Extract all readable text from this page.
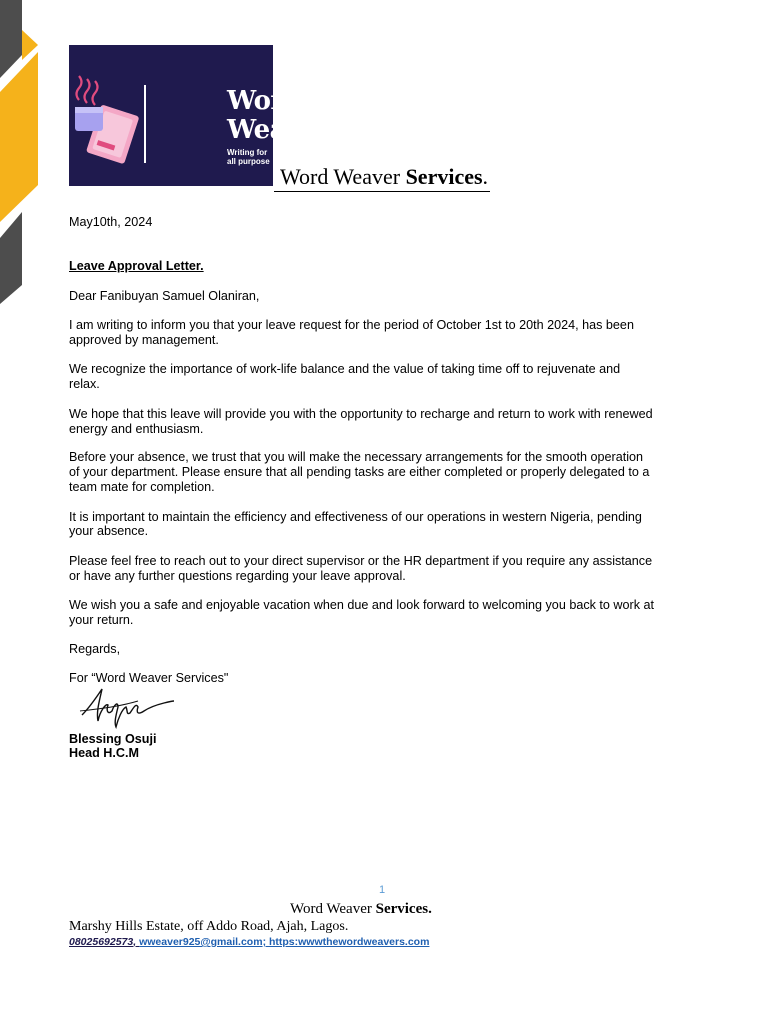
Word
Weaver
Writing for all purpose
Word Weaver Services.
May10th, 2024
Leave Approval Letter.
Dear Fanibuyan Samuel Olaniran,
I am writing to inform you that your leave request for the period of October 1st to 20th 2024, has been
approved by management.
We recognize the importance of work-life balance and the value of taking time off to rejuvenate and
relax.
We hope that this leave will provide you with the opportunity to recharge and return to work with renewed
energy and enthusiasm.
Before your absence, we trust that you will make the necessary arrangements for the smooth operation
of your department. Please ensure that all pending tasks are either completed or properly delegated to a
team mate for completion.
It is important to maintain the efficiency and effectiveness of our operations in western Nigeria, pending
your absence.
Please feel free to reach out to your direct supervisor or the HR department if you require any assistance
or have any further questions regarding your leave approval.
We wish you a safe and enjoyable vacation when due and look forward to welcoming you back to work at
your return.
Regards,
For “Word Weaver Services"
Blessing Osuji
Head H.C.M
1
Word Weaver Services.
Marshy Hills Estate, off Addo Road, Ajah, Lagos.
08025692573, wweaver925@gmail.com; https:wwwthewordweavers.com
